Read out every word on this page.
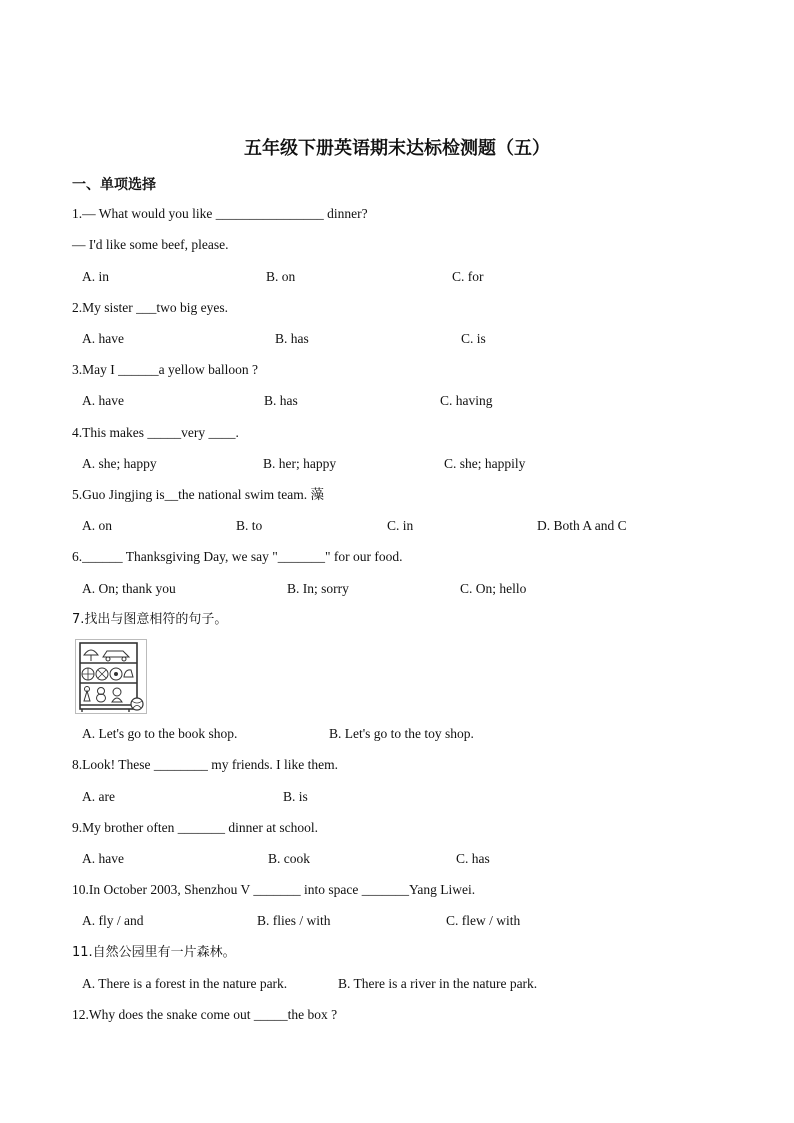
五年级下册英语期末达标检测题（五）
一、单项选择
1.— What would you like ________________ dinner?
— I'd like some beef, please.
A. in	B. on	C. for
2.My sister ___two big eyes.
A. have	B. has	C. is
3.May I ______a yellow balloon ?
A. have	B. has	C. having
4.This makes _____very ____.
A. she; happy	B. her; happy	C. she; happily
5.Guo Jingjing is__the national swim team. 藻
A. on	B. to	C. in	D. Both A and C
6.______ Thanksgiving Day, we say "_______" for our food.
A. On; thank you	B. In; sorry	C. On; hello
7.找出与图意相符的句子。
A. Let's go to the book shop.	B. Let's go to the toy shop.
8.Look! These ________ my friends. I like them.
A. are	B. is
9.My brother often _______ dinner at school.
A. have	B. cook	C. has
10.In October 2003, Shenzhou V _______ into space _______Yang Liwei.
A. fly / and	B. flies / with	C. flew / with
11.自然公园里有一片森林。
A. There is a forest in the nature park.	B. There is a river in the nature park.
12.Why does the snake come out _____the box ?
